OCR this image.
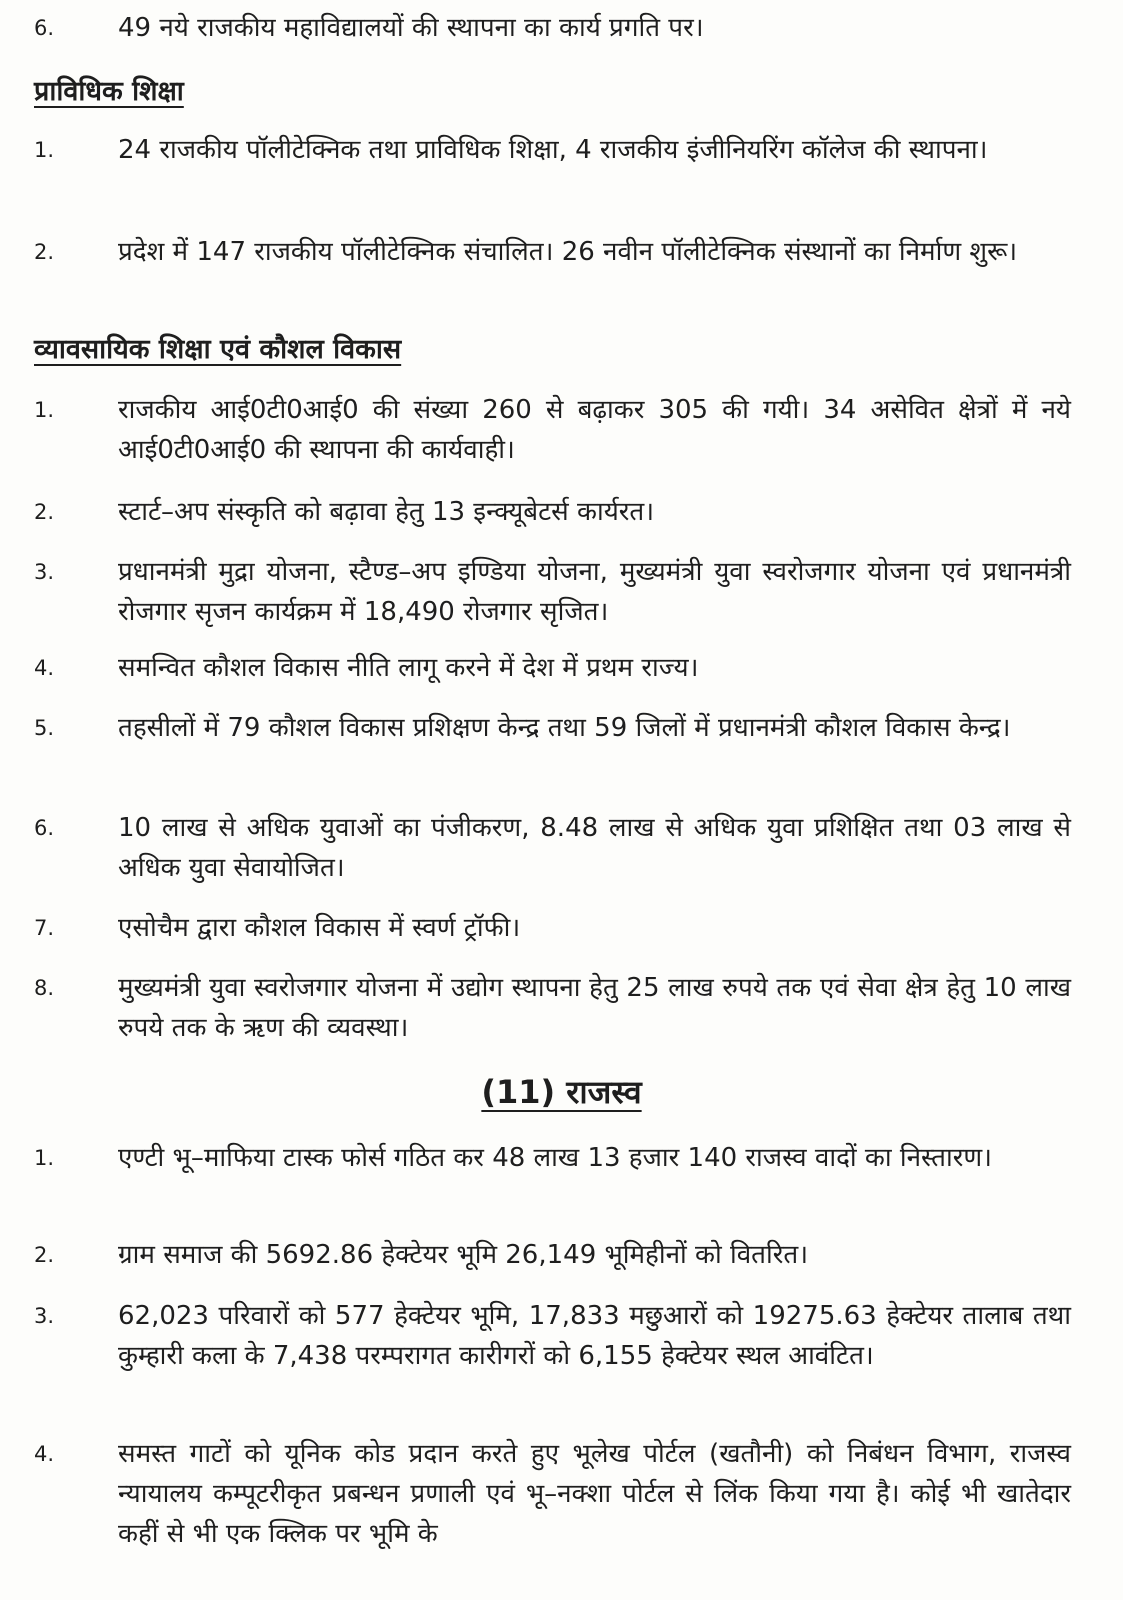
6.	49 नये राजकीय महाविद्यालयों की स्थापना का कार्य प्रगति पर।
प्राविधिक शिक्षा
1.	24 राजकीय पॉलीटेक्निक तथा प्राविधिक शिक्षा, 4 राजकीय इंजीनियरिंग कॉलेज की स्थापना।
2.	प्रदेश में 147 राजकीय पॉलीटेक्निक संचालित। 26 नवीन पॉलीटेक्निक संस्थानों का निर्माण शुरू।
व्यावसायिक शिक्षा एवं कौशल विकास
1.	राजकीय आई0टी0आई0 की संख्या 260 से बढ़ाकर 305 की गयी। 34 असेवित क्षेत्रों में नये आई0टी0आई0 की स्थापना की कार्यवाही।
2.	स्टार्ट–अप संस्कृति को बढ़ावा हेतु 13 इन्क्यूबेटर्स कार्यरत।
3.	प्रधानमंत्री मुद्रा योजना, स्टैण्ड–अप इण्डिया योजना, मुख्यमंत्री युवा स्वरोजगार योजना एवं प्रधानमंत्री रोजगार सृजन कार्यक्रम में 18,490 रोजगार सृजित।
4.	समन्वित कौशल विकास नीति लागू करने में देश में प्रथम राज्य।
5.	तहसीलों में 79 कौशल विकास प्रशिक्षण केन्द्र तथा 59 जिलों में प्रधानमंत्री कौशल विकास केन्द्र।
6.	10 लाख से अधिक युवाओं का पंजीकरण, 8.48 लाख से अधिक युवा प्रशिक्षित तथा 03 लाख से अधिक युवा सेवायोजित।
7.	एसोचैम द्वारा कौशल विकास में स्वर्ण ट्रॉफी।
8.	मुख्यमंत्री युवा स्वरोजगार योजना में उद्योग स्थापना हेतु 25 लाख रुपये तक एवं सेवा क्षेत्र हेतु 10 लाख रुपये तक के ऋण की व्यवस्था।
(11) राजस्व
1.	एण्टी भू–माफिया टास्क फोर्स गठित कर 48 लाख 13 हजार 140 राजस्व वादों का निस्तारण।
2.	ग्राम समाज की 5692.86 हेक्टेयर भूमि 26,149 भूमिहीनों को वितरित।
3.	62,023 परिवारों को 577 हेक्टेयर भूमि, 17,833 मछुआरों को 19275.63 हेक्टेयर तालाब तथा कुम्हारी कला के 7,438 परम्परागत कारीगरों को 6,155 हेक्टेयर स्थल आवंटित।
4.	समस्त गाटों को यूनिक कोड प्रदान करते हुए भूलेख पोर्टल (खतौनी) को निबंधन विभाग, राजस्व न्यायालय कम्पूटरीकृत प्रबन्धन प्रणाली एवं भू–नक्शा पोर्टल से लिंक किया गया है। कोई भी खातेदार कहीं से भी एक क्लिक पर भूमि के
